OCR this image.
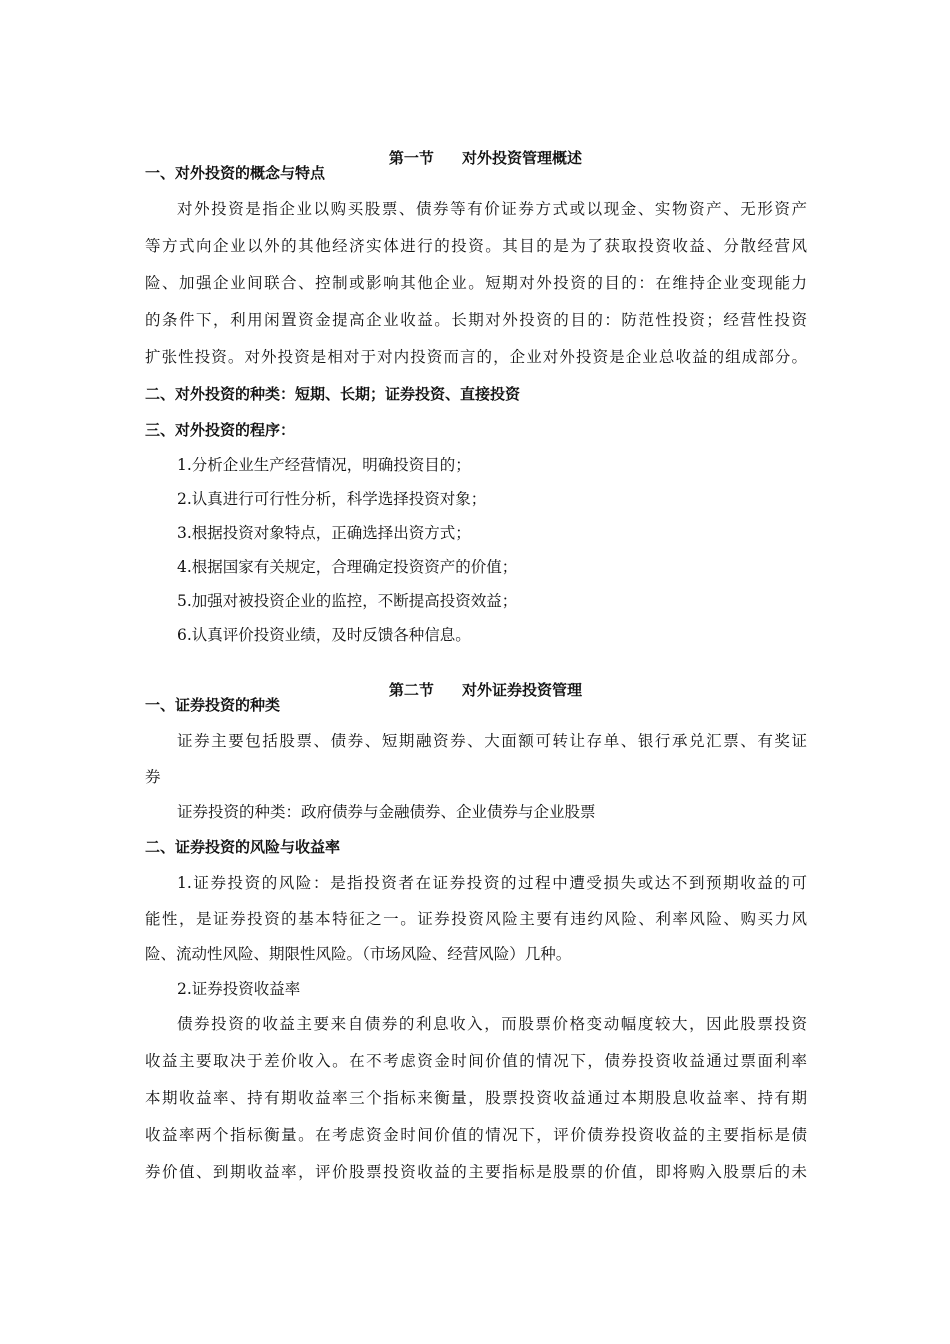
第一节 对外投资管理概述

一、对外投资的概念与特点
对外投资是指企业以购买股票、债券等有价证券方式或以现金、实物资产、无形资产
等方式向企业以外的其他经济实体进行的投资。其目的是为了获取投资收益、分散经营风
险、加强企业间联合、控制或影响其他企业。短期对外投资的目的：在维持企业变现能力
的条件下，利用闲置资金提高企业收益。长期对外投资的目的：防范性投资；经营性投资
扩张性投资。对外投资是相对于对内投资而言的，企业对外投资是企业总收益的组成部分。
二、对外投资的种类：短期、长期；证券投资、直接投资
三、对外投资的程序：
1.分析企业生产经营情况，明确投资目的；
2.认真进行可行性分析，科学选择投资对象；
3.根据投资对象特点，正确选择出资方式；
4.根据国家有关规定，合理确定投资资产的价值；
5.加强对被投资企业的监控，不断提高投资效益；
6.认真评价投资业绩，及时反馈各种信息。

第二节 对外证券投资管理

一、证券投资的种类
证券主要包括股票、债券、短期融资券、大面额可转让存单、银行承兑汇票、有奖证
券
证券投资的种类：政府债券与金融债券、企业债券与企业股票
二、证券投资的风险与收益率
1.证券投资的风险：是指投资者在证券投资的过程中遭受损失或达不到预期收益的可
能性，是证券投资的基本特征之一。证券投资风险主要有违约风险、利率风险、购买力风
险、流动性风险、期限性风险。（市场风险、经营风险）几种。
2.证券投资收益率
债券投资的收益主要来自债券的利息收入，而股票价格变动幅度较大，因此股票投资
收益主要取决于差价收入。在不考虑资金时间价值的情况下，债券投资收益通过票面利率
本期收益率、持有期收益率三个指标来衡量，股票投资收益通过本期股息收益率、持有期
收益率两个指标衡量。在考虑资金时间价值的情况下，评价债券投资收益的主要指标是债
券价值、到期收益率，评价股票投资收益的主要指标是股票的价值，即将购入股票后的未
